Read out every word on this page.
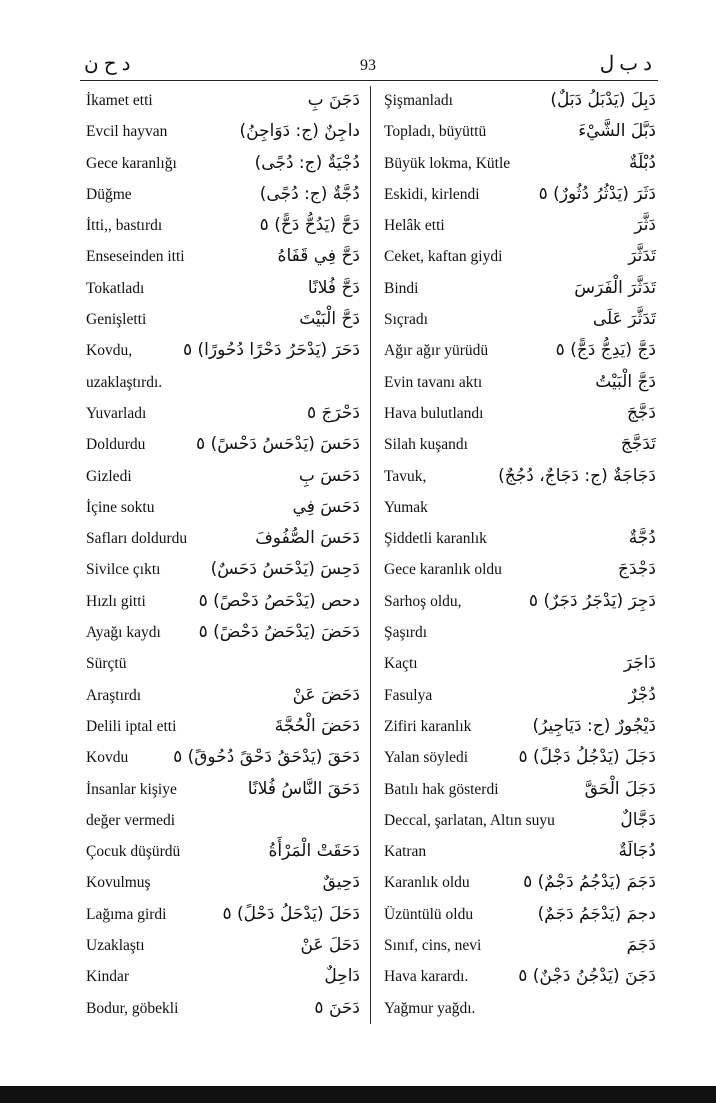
د ح ن	93	د ب ل
İkamet etti	دَجَنَ بِ
Evcil hayvan	داجِنٌ (ج: دَوَاجِنُ)
Gece karanlığı	دُجْيَةٌ (ج: دُجًى)
Düğme	دُجَّةٌ (ج: دُجًى)
İtti,, bastırdı	دَحَّ (يَدُحُّ دَحًّ) ٥
Enseseinden itti	دَحَّ فِي قَفَاهُ
Tokatladı	دَحَّ فُلانًا
Genişletti	دَحَّ الْبَيْتَ
Kovdu,	دَحَرَ (يَدْحَرُ دَحْرًا دُحُورًا) ٥
uzaklaştırdı.
Yuvarladı	دَحْرَجَ ٥
Doldurdu	دَحَسَ (يَدْحَسُ دَحْسً) ٥
Gizledi	دَحَسَ بِ
İçine soktu	دَحَسَ فِي
Safları doldurdu	دَحَسَ الصُّفُوفَ
Sivilce çıktı	دَحِسَ (يَدْحَسُ دَحَسٌ)
Hızlı gitti	دحص (يَدْحَصُ دَحْصً) ٥
Ayağı kaydı دَحَضَ (يَدْحَضُ دَحْضً) ٥
Sürçtü
Araştırdı	دَحَضَ عَنْ
Delili iptal etti	دَحَضَ الْحُجَّةَ
Kovdu	دَحَقَ (يَدْحَقُ دَحْقً دُحُوقً) ٥
İnsanlar kişiye	دَحَقَ النَّاسُ فُلانًا
değer vermedi
Çocuk düşürdü	دَحَقَتْ الْمَرْأَةُ
Kovulmuş	دَحِيقٌ
Lağıma girdi	دَحَلَ (يَدْحَلُ دَحْلً) ٥
Uzaklaştı	دَحَلَ عَنْ
Kindar	دَاحِلٌ
Bodur, göbekli	دَحَنَ ٥
Şişmanladı	دَبِلَ (يَدْبَلُ دَبَلٌ)
Topladı, büyüttü	دَبَّلَ الشَّيْءَ
Büyük lokma, Kütle	دُبْلَةٌ
Eskidi, kirlendi	دَثَرَ (يَدْثُرُ دُثُورٌ) ٥
Helâk etti	دَثَّرَ
Ceket, kaftan giydi	تَدَثَّرَ
Bindi	تَدَثَّرَ الْفَرَسَ
Sıçradı	تَدَثَّرَ عَلَى
Ağır ağır yürüdü	دَجَّ (يَدِجُّ دَجًّ) ٥
Evin tavanı aktı	دَجَّ الْبَيْتُ
Hava bulutlandı	دَجَّجَ
Silah kuşandı	تَدَجَّجَ
Tavuk,	دَجَاجَةٌ (ج: دَجَاجٌ، دُجُجٌ)
Yumak
Şiddetli karanlık	دُجَّةٌ
Gece karanlık oldu	دَجْدَجَ
Sarhoş oldu,	دَجِرَ (يَدْجَرُ دَجَرٌ) ٥
Şaşırdı
Kaçtı	دَاجَرَ
Fasulya	دُجْرٌ
Zifiri karanlık	دَيْجُورٌ (ج: دَيَاجِيرُ)
Yalan söyledi	دَجَلَ (يَدْجُلُ دَجْلً) ٥
Batılı hak gösterdi	دَجَلَ الْحَقَّ
Deccal, şarlatan, Altın suyu	دَجَّالٌ
Katran	دُجَالَةٌ
Karanlık oldu	دَجَمَ (يَدْجُمُ دَجْمٌ) ٥
Üzüntülü oldu	دجمَ (يَدْجَمُ دَجَمٌ)
Sınıf, cins, nevi	دَجَمَ
Hava karardı.	دَجَنَ (يَدْجُنُ دَجْنٌ) ٥
Yağmur yağdı.
